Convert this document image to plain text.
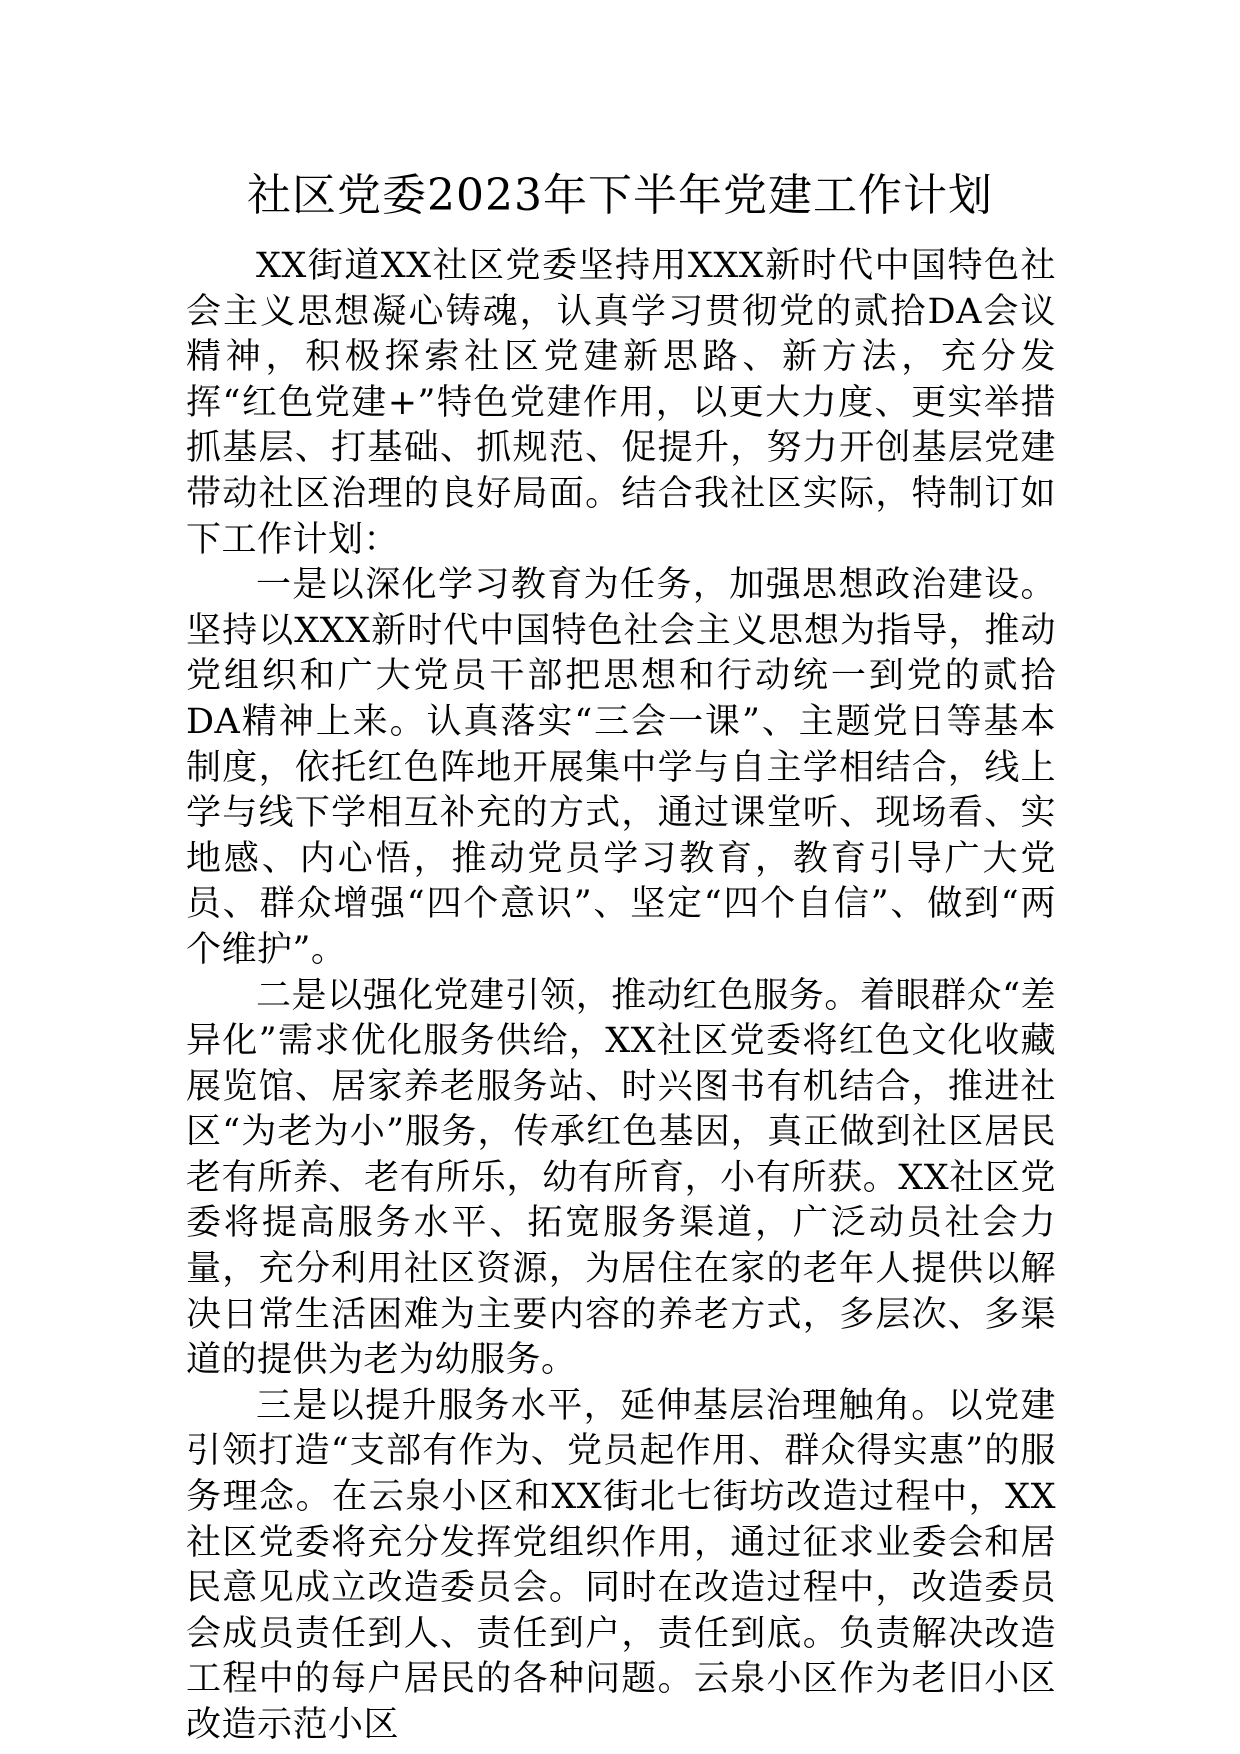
社区党委2023年下半年党建工作计划

XX街道XX社区党委坚持用XXX新时代中国特色社会主义思想凝心铸魂，认真学习贯彻党的贰拾DA会议精神，积极探索社区党建新思路、新方法，充分发挥“红色党建+”特色党建作用，以更大力度、更实举措抓基层、打基础、抓规范、促提升，努力开创基层党建带动社区治理的良好局面。结合我社区实际，特制订如下工作计划：

一是以深化学习教育为任务，加强思想政治建设。坚持以XXX新时代中国特色社会主义思想为指导，推动党组织和广大党员干部把思想和行动统一到党的贰拾DA精神上来。认真落实“三会一课”、主题党日等基本制度，依托红色阵地开展集中学与自主学相结合，线上学与线下学相互补充的方式，通过课堂听、现场看、实地感、内心悟，推动党员学习教育，教育引导广大党员、群众增强“四个意识”、坚定“四个自信”、做到“两个维护”。

二是以强化党建引领，推动红色服务。着眼群众“差异化”需求优化服务供给，XX社区党委将红色文化收藏展览馆、居家养老服务站、时兴图书有机结合，推进社区“为老为小”服务，传承红色基因，真正做到社区居民老有所养、老有所乐，幼有所育，小有所获。XX社区党委将提高服务水平、拓宽服务渠道，广泛动员社会力量，充分利用社区资源，为居住在家的老年人提供以解决日常生活困难为主要内容的养老方式，多层次、多渠道的提供为老为幼服务。

三是以提升服务水平，延伸基层治理触角。以党建引领打造“支部有作为、党员起作用、群众得实惠”的服务理念。在云泉小区和XX街北七街坊改造过程中，XX社区党委将充分发挥党组织作用，通过征求业委会和居民意见成立改造委员会。同时在改造过程中，改造委员会成员责任到人、责任到户，责任到底。负责解决改造工程中的每户居民的各种问题。云泉小区作为老旧小区改造示范小区
